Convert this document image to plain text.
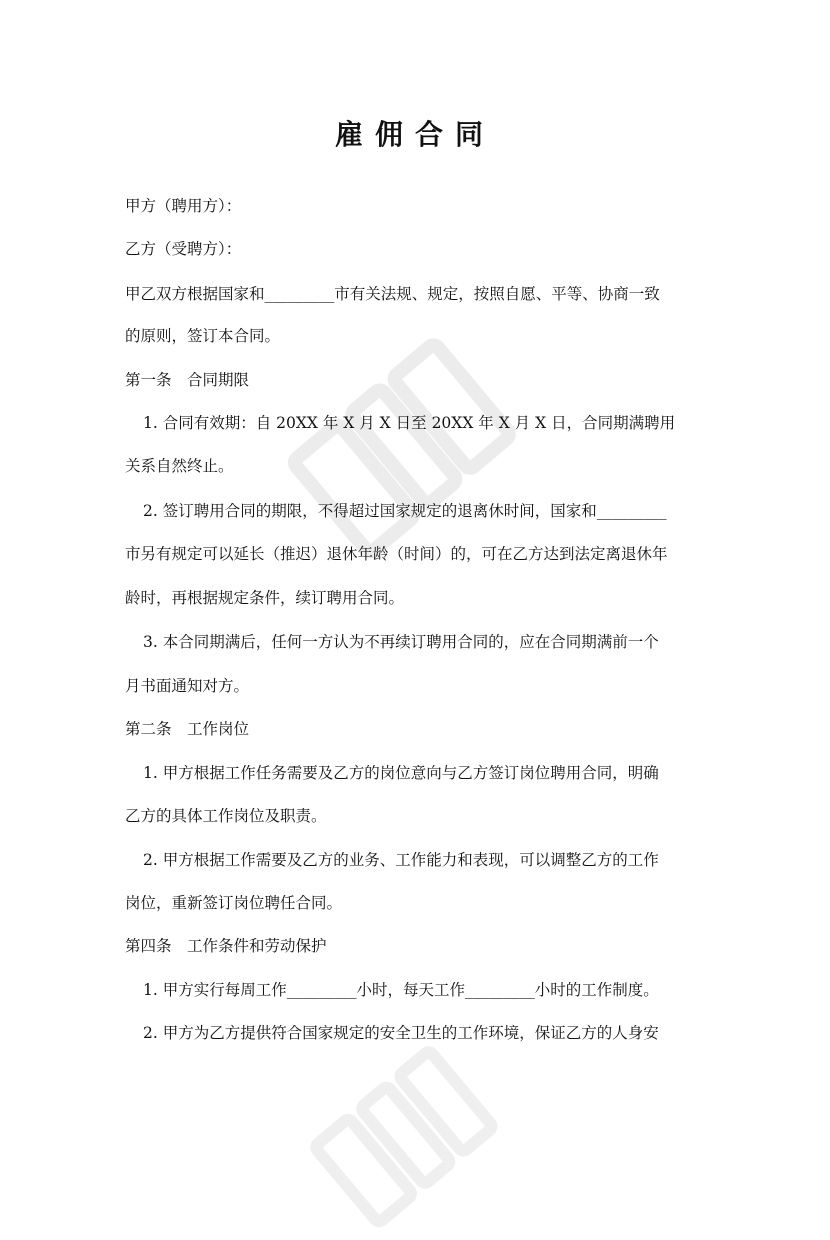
雇佣合同
甲方（聘用方）：
乙方（受聘方）：
甲乙双方根据国家和_________市有关法规、规定，按照自愿、平等、协商一致
的原则，签订本合同。
第一条　合同期限
1. 合同有效期：自 20XX 年 X 月 X 日至 20XX 年 X 月 X 日，合同期满聘用
关系自然终止。
2. 签订聘用合同的期限，不得超过国家规定的退离休时间，国家和_________
市另有规定可以延长（推迟）退休年龄（时间）的，可在乙方达到法定离退休年
龄时，再根据规定条件，续订聘用合同。
3. 本合同期满后，任何一方认为不再续订聘用合同的，应在合同期满前一个
月书面通知对方。
第二条　工作岗位
1. 甲方根据工作任务需要及乙方的岗位意向与乙方签订岗位聘用合同，明确
乙方的具体工作岗位及职责。
2. 甲方根据工作需要及乙方的业务、工作能力和表现，可以调整乙方的工作
岗位，重新签订岗位聘任合同。
第四条　工作条件和劳动保护
1. 甲方实行每周工作_________小时，每天工作_________小时的工作制度。
2. 甲方为乙方提供符合国家规定的安全卫生的工作环境，保证乙方的人身安
